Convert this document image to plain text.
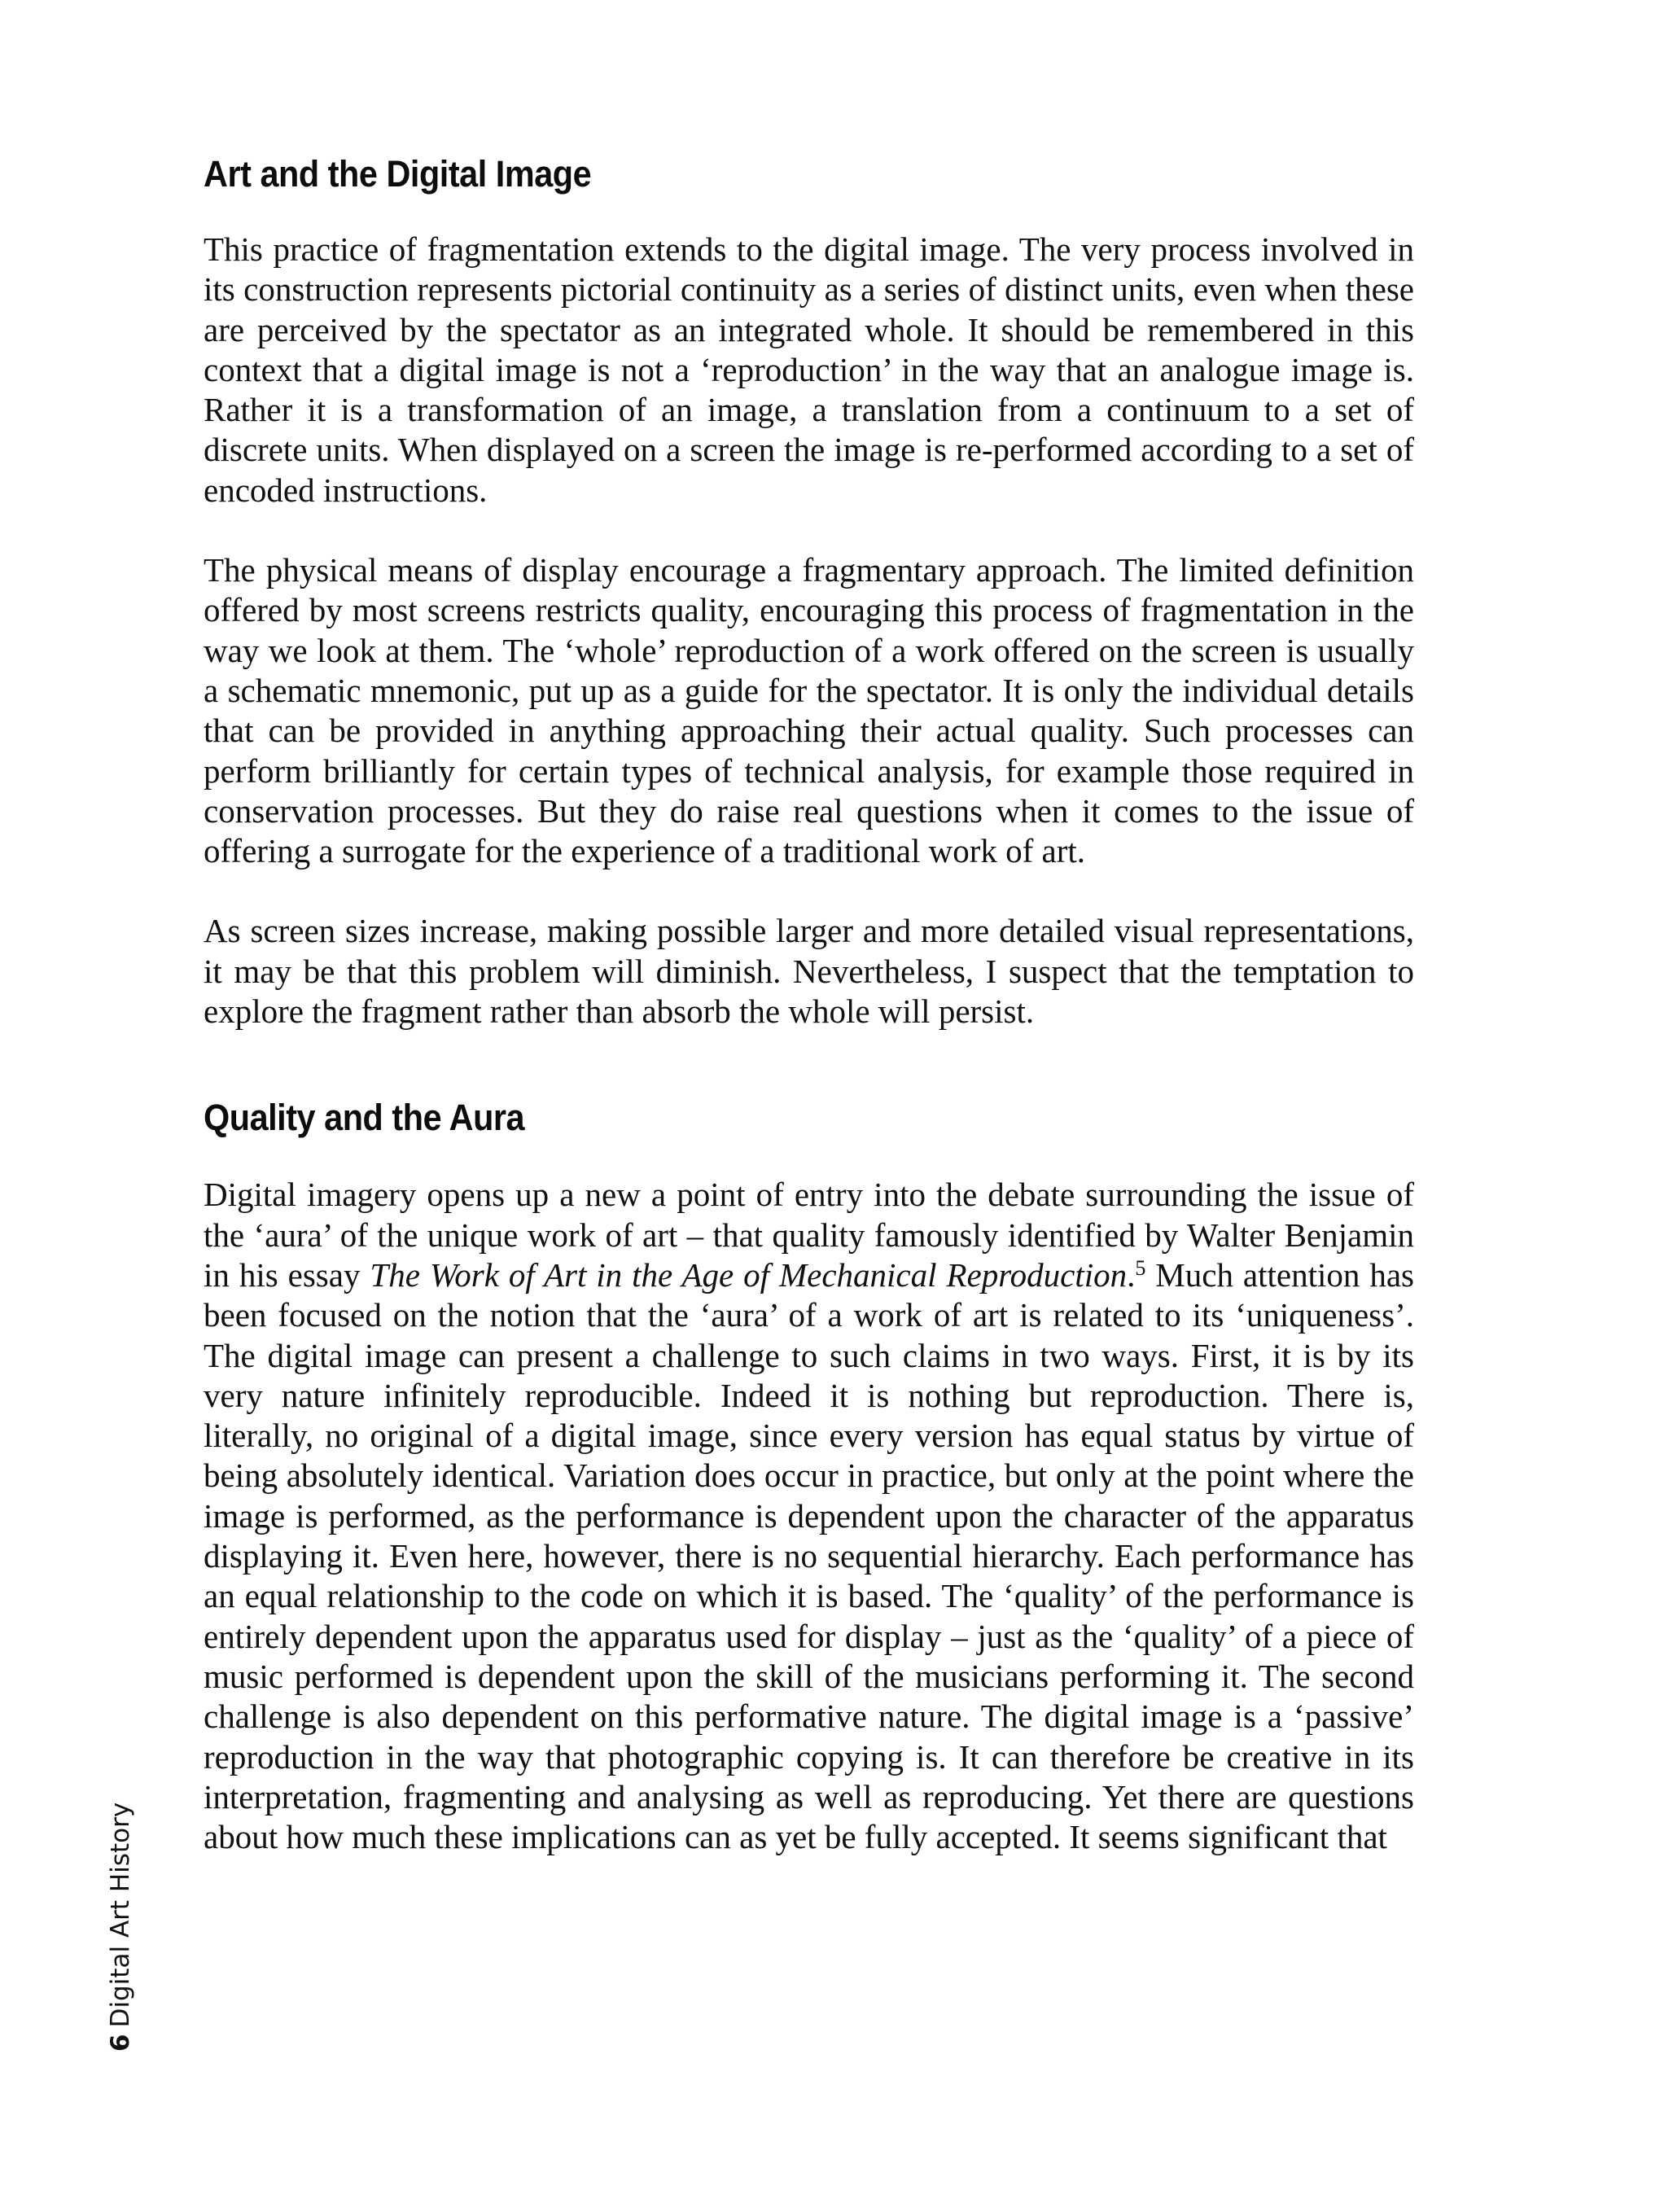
Art and the Digital Image

This practice of fragmentation extends to the digital image. The very process involved in its construction represents pictorial continuity as a series of distinct units, even when these are perceived by the spectator as an integrated whole. It should be remembered in this context that a digital image is not a ‘reproduction’ in the way that an analogue image is. Rather it is a transformation of an image, a translation from a continuum to a set of discrete units. When displayed on a screen the image is re-performed according to a set of encoded instructions.

The physical means of display encourage a fragmentary approach. The limited definition offered by most screens restricts quality, encouraging this process of fragmentation in the way we look at them. The ‘whole’ reproduction of a work offered on the screen is usually a schematic mnemonic, put up as a guide for the spectator. It is only the individual details that can be provided in anything approaching their actual quality. Such processes can perform brilliantly for certain types of technical analysis, for example those required in conservation processes. But they do raise real questions when it comes to the issue of offering a surrogate for the experience of a traditional work of art.

As screen sizes increase, making possible larger and more detailed visual representations, it may be that this problem will diminish. Nevertheless, I suspect that the temptation to explore the fragment rather than absorb the whole will persist.

Quality and the Aura

Digital imagery opens up a new a point of entry into the debate surrounding the issue of the ‘aura’ of the unique work of art – that quality famously identified by Walter Benjamin in his essay The Work of Art in the Age of Mechanical Reproduction.$^5$ Much attention has been focused on the notion that the ‘aura’ of a work of art is related to its ‘uniqueness’. The digital image can present a challenge to such claims in two ways. First, it is by its very nature infinitely reproducible. Indeed it is nothing but reproduction. There is, literally, no original of a digital image, since every version has equal status by virtue of being absolutely identical. Variation does occur in practice, but only at the point where the image is performed, as the performance is dependent upon the character of the apparatus displaying it. Even here, however, there is no sequential hierarchy. Each performance has an equal relationship to the code on which it is based. The ‘quality’ of the performance is entirely dependent upon the apparatus used for display – just as the ‘quality’ of a piece of music performed is dependent upon the skill of the musicians performing it. The second challenge is also dependent on this performative nature. The digital image is a ‘passive’ reproduction in the way that photographic copying is. It can therefore be creative in its interpretation, fragmenting and analysing as well as reproducing. Yet there are questions about how much these implications can as yet be fully accepted. It seems significant that

6Digital Art History
